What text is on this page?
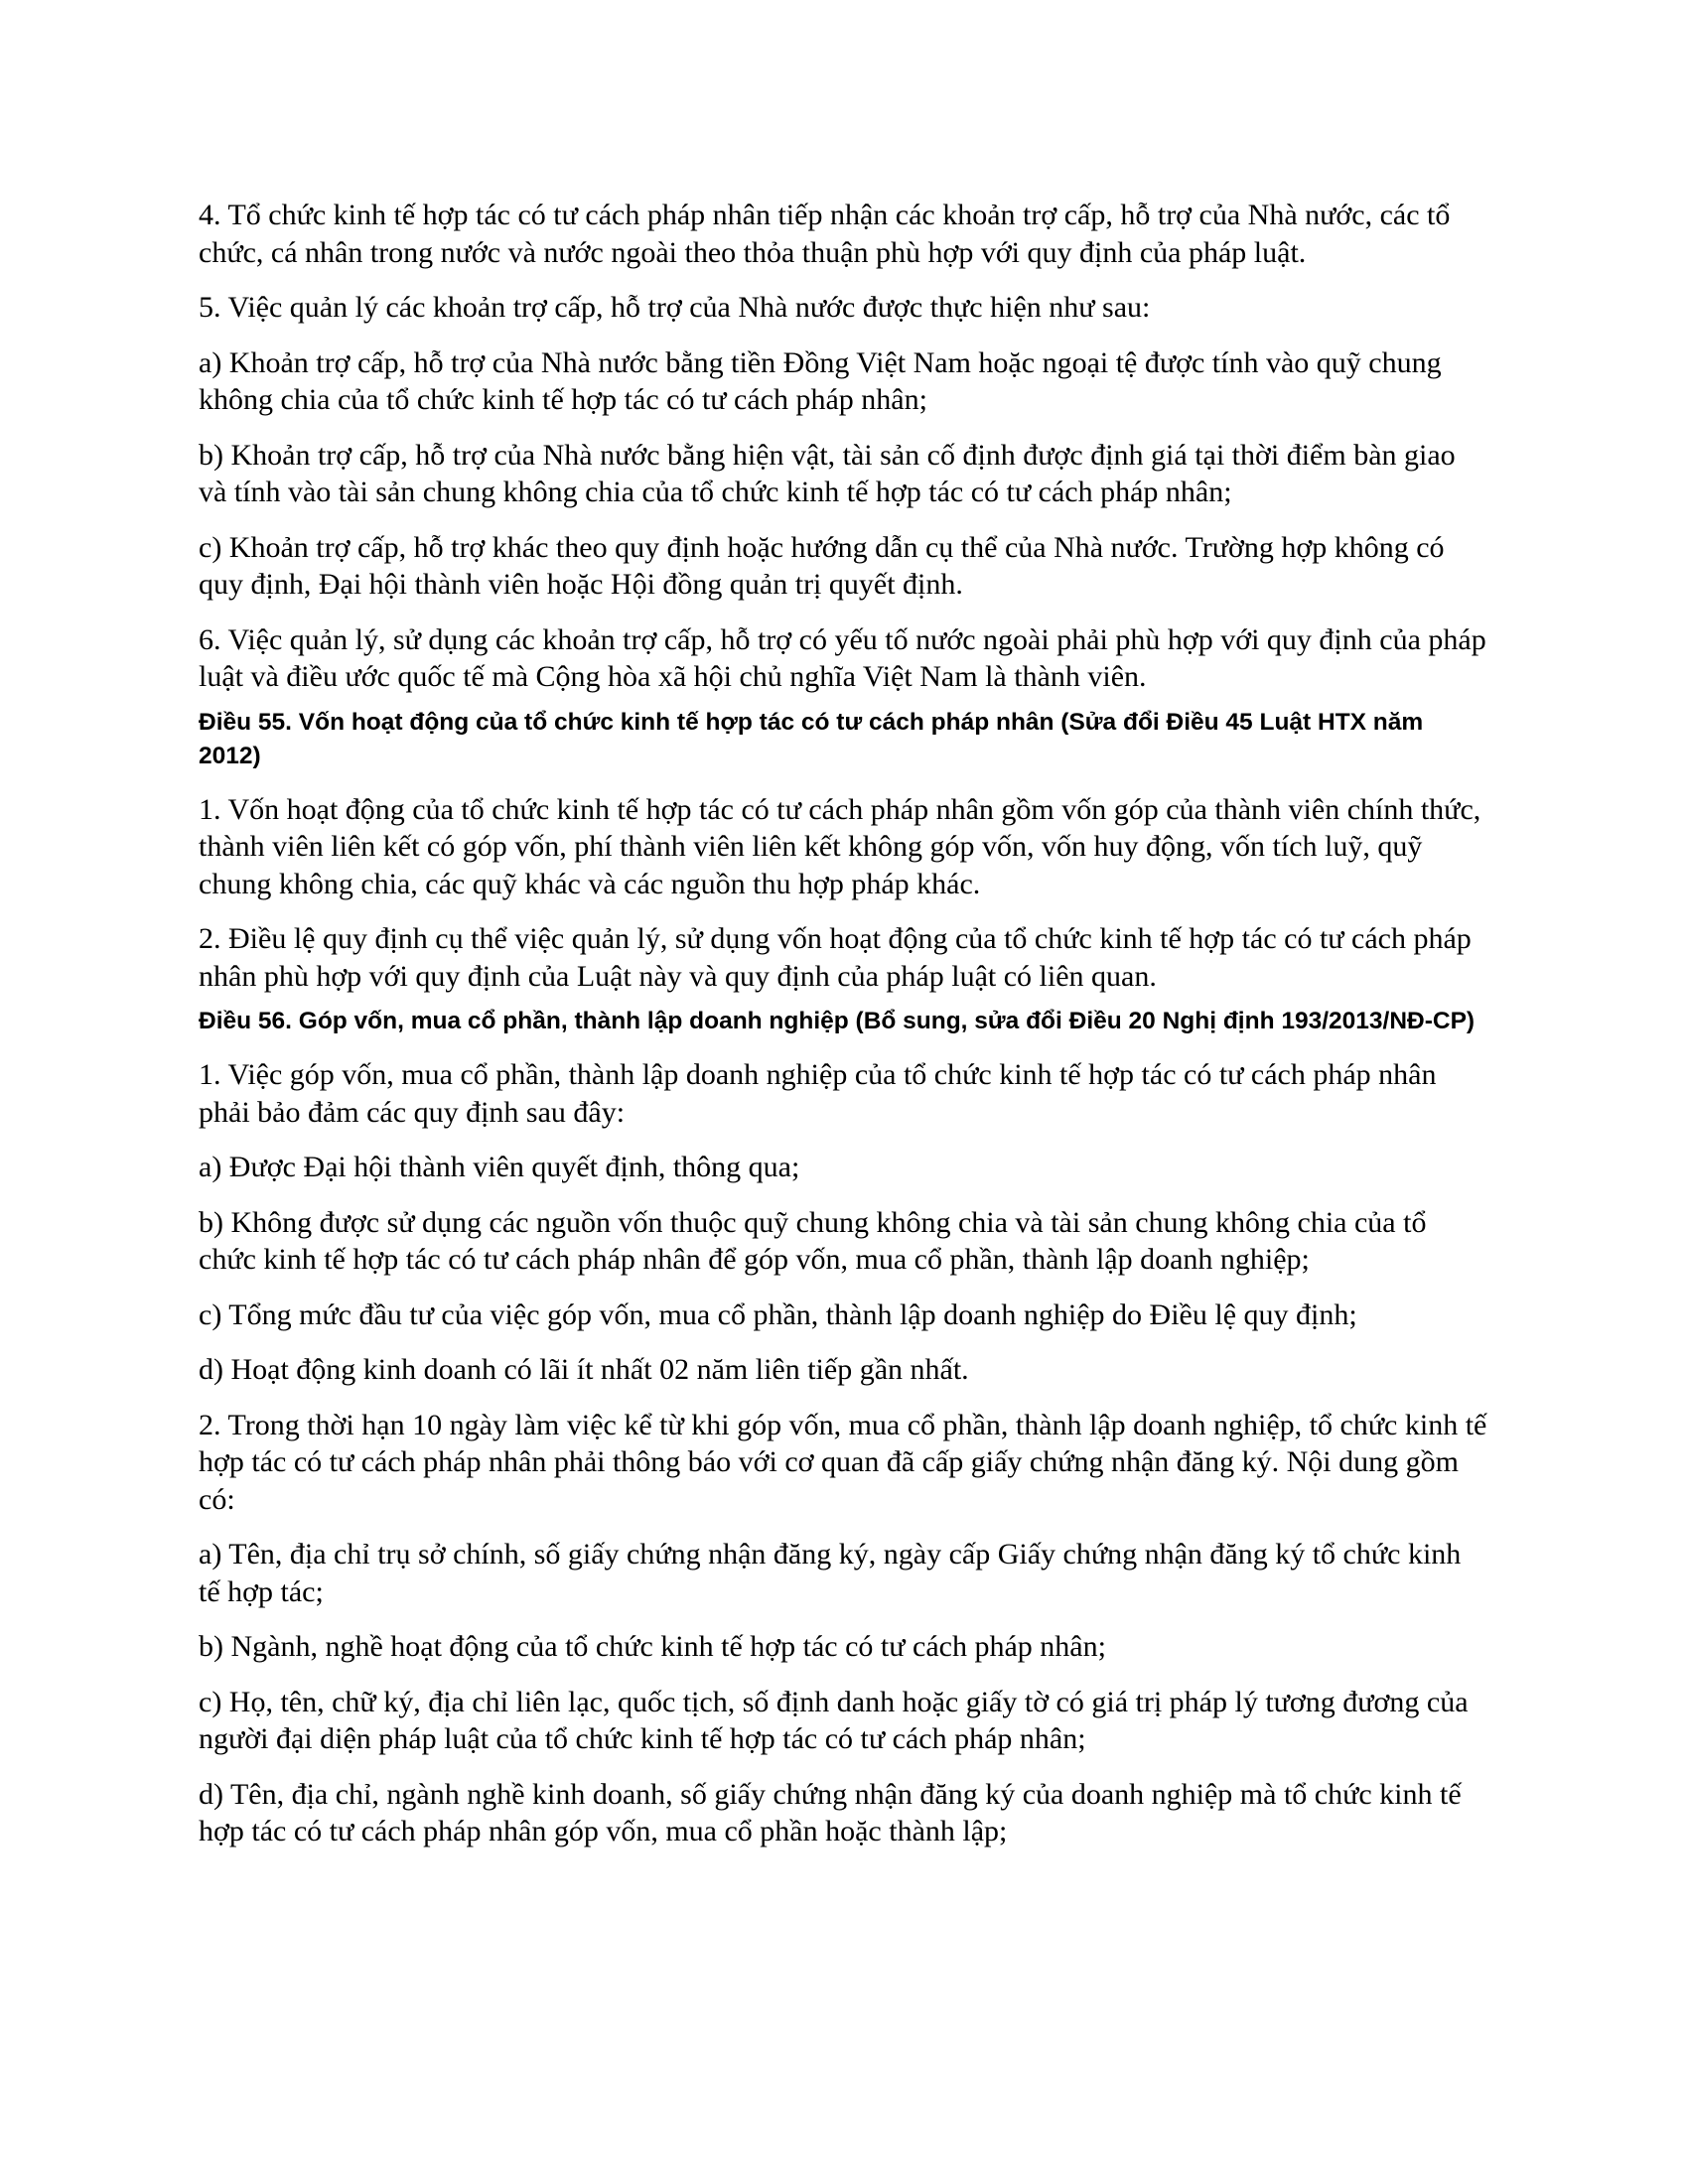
4. Tổ chức kinh tế hợp tác có tư cách pháp nhân tiếp nhận các khoản trợ cấp, hỗ trợ của Nhà nước, các tổ chức, cá nhân trong nước và nước ngoài theo thỏa thuận phù hợp với quy định của pháp luật.

5. Việc quản lý các khoản trợ cấp, hỗ trợ của Nhà nước được thực hiện như sau:

a) Khoản trợ cấp, hỗ trợ của Nhà nước bằng tiền Đồng Việt Nam hoặc ngoại tệ được tính vào quỹ chung không chia của tổ chức kinh tế hợp tác có tư cách pháp nhân;

b) Khoản trợ cấp, hỗ trợ của Nhà nước bằng hiện vật, tài sản cố định được định giá tại thời điểm bàn giao và tính vào tài sản chung không chia của tổ chức kinh tế hợp tác có tư cách pháp nhân;

c) Khoản trợ cấp, hỗ trợ khác theo quy định hoặc hướng dẫn cụ thể của Nhà nước. Trường hợp không có quy định, Đại hội thành viên hoặc Hội đồng quản trị quyết định.

6. Việc quản lý, sử dụng các khoản trợ cấp, hỗ trợ có yếu tố nước ngoài phải phù hợp với quy định của pháp luật và điều ước quốc tế mà Cộng hòa xã hội chủ nghĩa Việt Nam là thành viên.

Điều 55. Vốn hoạt động của tổ chức kinh tế hợp tác có tư cách pháp nhân (Sửa đổi Điều 45 Luật HTX năm 2012)

1. Vốn hoạt động của tổ chức kinh tế hợp tác có tư cách pháp nhân gồm vốn góp của thành viên chính thức, thành viên liên kết có góp vốn, phí thành viên liên kết không góp vốn, vốn huy động, vốn tích luỹ, quỹ chung không chia, các quỹ khác và các nguồn thu hợp pháp khác.

2. Điều lệ quy định cụ thể việc quản lý, sử dụng vốn hoạt động của tổ chức kinh tế hợp tác có tư cách pháp nhân phù hợp với quy định của Luật này và quy định của pháp luật có liên quan.

Điều 56. Góp vốn, mua cổ phần, thành lập doanh nghiệp (Bổ sung, sửa đổi Điều 20 Nghị định 193/2013/NĐ-CP)

1. Việc góp vốn, mua cổ phần, thành lập doanh nghiệp của tổ chức kinh tế hợp tác có tư cách pháp nhân phải bảo đảm các quy định sau đây:

a) Được Đại hội thành viên quyết định, thông qua;

b) Không được sử dụng các nguồn vốn thuộc quỹ chung không chia và tài sản chung không chia của tổ chức kinh tế hợp tác có tư cách pháp nhân để góp vốn, mua cổ phần, thành lập doanh nghiệp;

c) Tổng mức đầu tư của việc góp vốn, mua cổ phần, thành lập doanh nghiệp do Điều lệ quy định;

d) Hoạt động kinh doanh có lãi ít nhất 02 năm liên tiếp gần nhất.

2. Trong thời hạn 10 ngày làm việc kể từ khi góp vốn, mua cổ phần, thành lập doanh nghiệp, tổ chức kinh tế hợp tác có tư cách pháp nhân phải thông báo với cơ quan đã cấp giấy chứng nhận đăng ký. Nội dung gồm có:

a) Tên, địa chỉ trụ sở chính, số giấy chứng nhận đăng ký, ngày cấp Giấy chứng nhận đăng ký tổ chức kinh tế hợp tác;

b) Ngành, nghề hoạt động của tổ chức kinh tế hợp tác có tư cách pháp nhân;

c) Họ, tên, chữ ký, địa chỉ liên lạc, quốc tịch, số định danh hoặc giấy tờ có giá trị pháp lý tương đương của người đại diện pháp luật của tổ chức kinh tế hợp tác có tư cách pháp nhân;

d) Tên, địa chỉ, ngành nghề kinh doanh, số giấy chứng nhận đăng ký của doanh nghiệp mà tổ chức kinh tế hợp tác có tư cách pháp nhân góp vốn, mua cổ phần hoặc thành lập;
